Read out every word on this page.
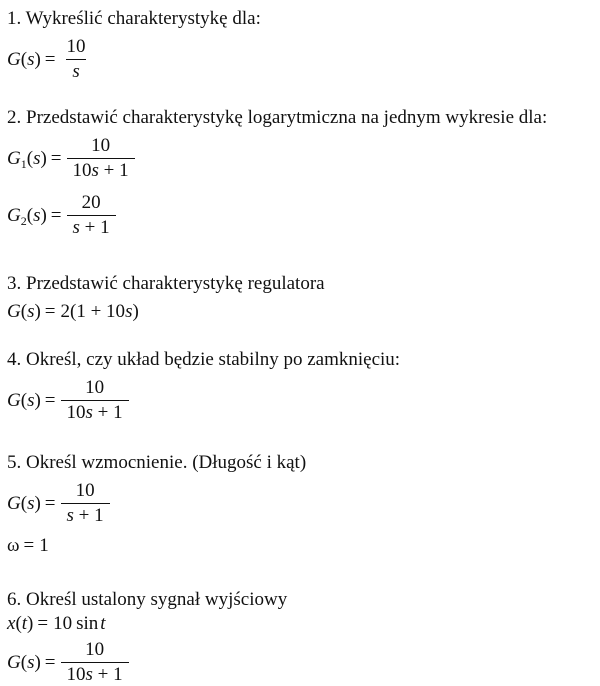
1. Wykreślić charakterystykę dla:
$G(s) = \frac{10}{s}$
2. Przedstawić charakterystykę logarytmiczna na jednym wykresie dla:
$G_1(s) = \frac{10}{10s + 1}$
$G_2(s) = \frac{20}{s + 1}$
3. Przedstawić charakterystykę regulatora
G(s) = 2(1 + 10s)
4. Określ, czy układ będzie stabilny po zamknięciu:
$G(s) = \frac{10}{10s + 1}$
5. Określ wzmocnienie. (Długość i kąt)
$G(s) = \frac{10}{s + 1}$
ω = 1
6. Określ ustalony sygnał wyjściowy
x(t) = 10 sin t
$G(s) = \frac{10}{10s + 1}$
